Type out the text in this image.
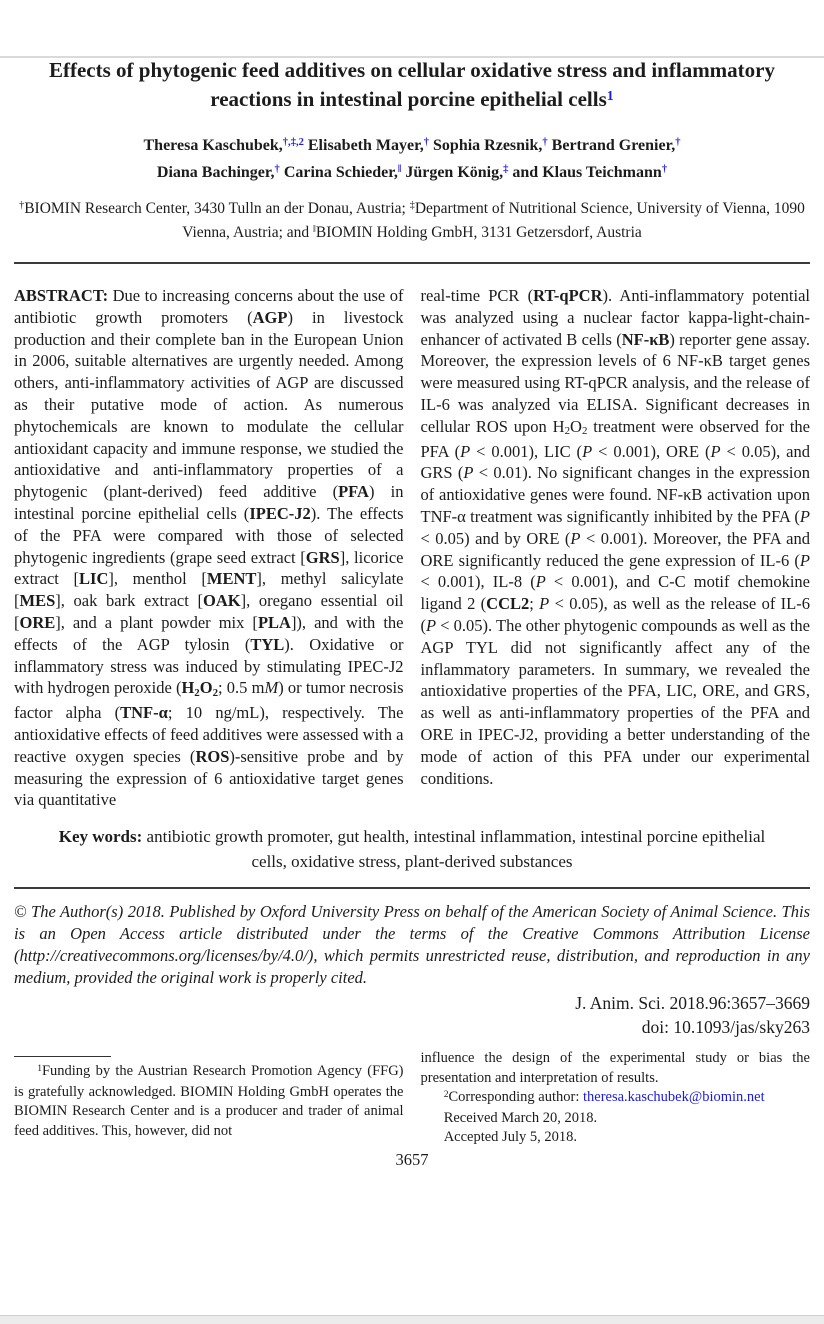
Effects of phytogenic feed additives on cellular oxidative stress and inflammatory
reactions in intestinal porcine epithelial cells$^1$

Theresa Kaschubek,$^{\dagger,\ddagger,2}$ Elisabeth Mayer,† Sophia Rzesnik,† Bertrand Grenier,†

Diana Bachinger,† Carina Schieder,‖ Jürgen König,‡ and Klaus Teichmann†

†BIOMIN Research Center, 3430 Tulln an der Donau, Austria; ‡Department of Nutritional Science, University of Vienna, 1090 Vienna, Austria; and ‖BIOMIN Holding GmbH, 3131 Getzersdorf, Austria

ABSTRACT: Due to increasing concerns about the use of antibiotic growth promoters (AGP) in livestock production and their complete ban in the European Union in 2006, suitable alternatives are urgently needed. Among others, anti-inflammatory activities of AGP are discussed as their putative mode of action. As numerous phytochemicals are known to modulate the cellular antioxidant capacity and immune response, we studied the antioxidative and anti-inflammatory properties of a phytogenic (plant-derived) feed additive (PFA) in intestinal porcine epithelial cells (IPEC-J2). The effects of the PFA were compared with those of selected phytogenic ingredients (grape seed extract [GRS], licorice extract [LIC], menthol [MENT], methyl salicylate [MES], oak bark extract [OAK], oregano essential oil [ORE], and a plant powder mix [PLA]), and with the effects of the AGP tylosin (TYL). Oxidative or inflammatory stress was induced by stimulating IPEC-J2 with hydrogen peroxide (H2O2; 0.5 mM) or tumor necrosis factor alpha (TNF-α; 10 ng/mL), respectively. The antioxidative effects of feed additives were assessed with a reactive oxygen species (ROS)-sensitive probe and by measuring the expression of 6 antioxidative target genes via quantitative
real-time PCR (RT-qPCR). Anti-inflammatory potential was analyzed using a nuclear factor kappa-light-chain-enhancer of activated B cells (NF-κB) reporter gene assay. Moreover, the expression levels of 6 NF-κB target genes were measured using RT-qPCR analysis, and the release of IL-6 was analyzed via ELISA. Significant decreases in cellular ROS upon H2O2 treatment were observed for the PFA (P < 0.001), LIC (P < 0.001), ORE (P < 0.05), and GRS (P < 0.01). No significant changes in the expression of antioxidative genes were found. NF-κB activation upon TNF-α treatment was significantly inhibited by the PFA (P < 0.05) and by ORE (P < 0.001). Moreover, the PFA and ORE significantly reduced the gene expression of IL-6 (P < 0.001), IL-8 (P < 0.001), and C-C motif chemokine ligand 2 (CCL2; P < 0.05), as well as the release of IL-6 (P < 0.05). The other phytogenic compounds as well as the AGP TYL did not significantly affect any of the inflammatory parameters. In summary, we revealed the antioxidative properties of the PFA, LIC, ORE, and GRS, as well as anti-inflammatory properties of the PFA and ORE in IPEC-J2, providing a better understanding of the mode of action of this PFA under our experimental conditions.

Key words: antibiotic growth promoter, gut health, intestinal inflammation, intestinal porcine epithelial cells, oxidative stress, plant-derived substances

© The Author(s) 2018. Published by Oxford University Press on behalf of the American Society of Animal Science. This is an Open Access article distributed under the terms of the Creative Commons Attribution License (http://creativecommons.org/licenses/by/4.0/), which permits unrestricted reuse, distribution, and reproduction in any medium, provided the original work is properly cited.

J. Anim. Sci. 2018.96:3657–3669

doi: 10.1093/jas/sky263

$^1$Funding by the Austrian Research Promotion Agency (FFG) is gratefully acknowledged. BIOMIN Holding GmbH operates the BIOMIN Research Center and is a producer and trader of animal feed additives. This, however, did not

influence the design of the experimental study or bias the presentation and interpretation of results.

$^2$Corresponding author: theresa.kaschubek@biomin.net

Received March 20, 2018.

Accepted July 5, 2018.

3657
